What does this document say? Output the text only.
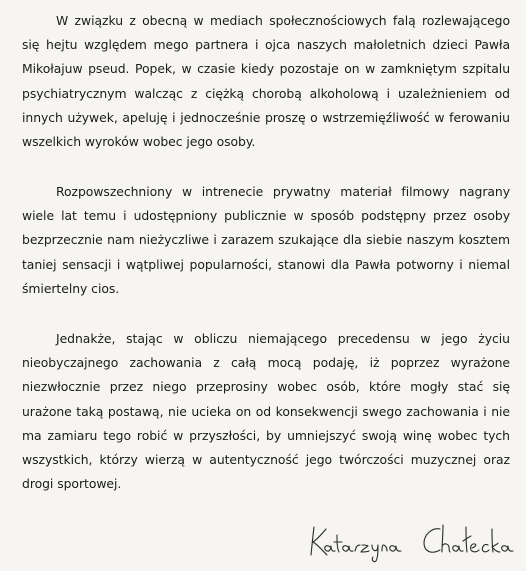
W związku z obecną w mediach społecznościowych falą rozlewającego się hejtu względem mego partnera i ojca naszych małoletnich dzieci Pawła Mikołajuw pseud. Popek, w czasie kiedy pozostaje on w zamkniętym szpitalu psychiatrycznym walcząc z ciężką chorobą alkoholową i uzależnieniem od innych używek, apeluję i jednocześnie proszę o wstrzemięźliwość w ferowaniu wszelkich wyroków wobec jego osoby.

Rozpowszechniony w intrenecie prywatny materiał filmowy nagrany wiele lat temu i udostępniony publicznie w sposób podstępny przez osoby bezprzecznie nam nieżyczliwe i zarazem szukające dla siebie naszym kosztem taniej sensacji i wątpliwej popularności, stanowi dla Pawła potworny i niemal śmiertelny cios.

Jednakże, stając w obliczu niemającego precedensu w jego życiu nieobyczajnego zachowania z całą mocą podaję, iż poprzez wyrażone niezwłocznie przez niego przeprosiny wobec osób, które mogły stać się urażone taką postawą, nie ucieka on od konsekwencji swego zachowania i nie ma zamiaru tego robić w przyszłości, by umniejszyć swoją winę wobec tych wszystkich, którzy wierzą w autentyczność jego twórczości muzycznej oraz drogi sportowej.
